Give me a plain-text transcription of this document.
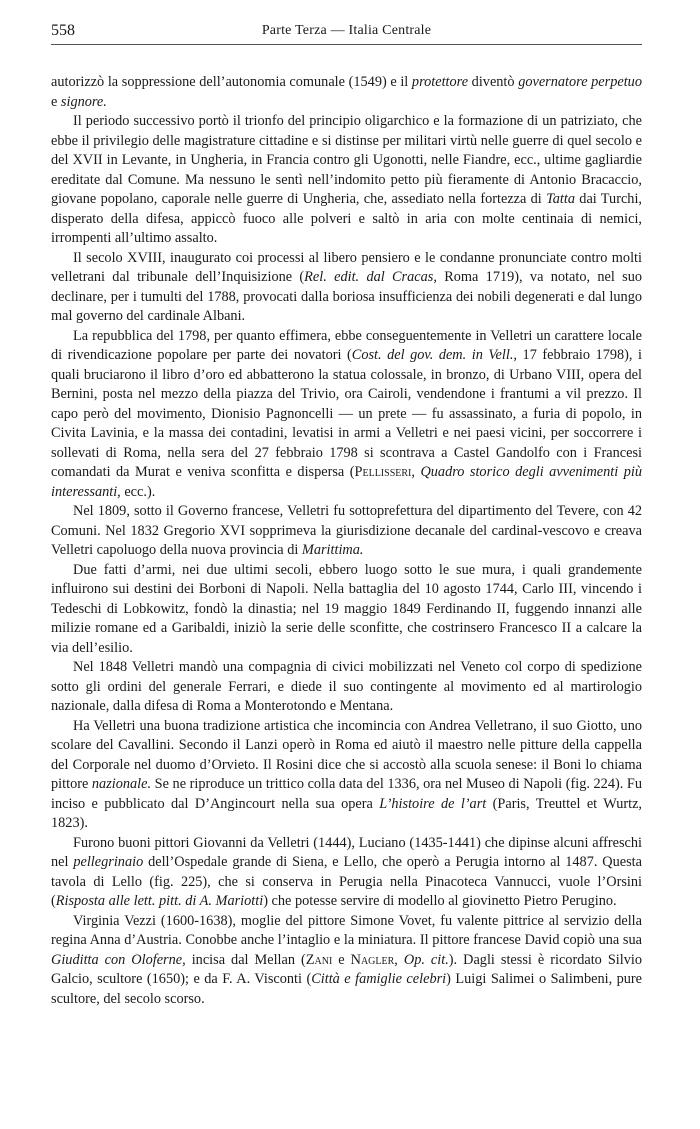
558	Parte Terza — Italia Centrale

autorizzò la soppressione dell’autonomia comunale (1549) e il protettore diventò governatore perpetuo e signore.

Il periodo successivo portò il trionfo del principio oligarchico e la formazione di un patriziato, che ebbe il privilegio delle magistrature cittadine e si distinse per militari virtù nelle guerre di quel secolo e del XVII in Levante, in Ungheria, in Francia contro gli Ugonotti, nelle Fiandre, ecc., ultime gagliardie ereditate dal Comune. Ma nessuno le sentì nell’indomito petto più fieramente di Antonio Bracaccio, giovane popolano, caporale nelle guerre di Ungheria, che, assediato nella fortezza di Tatta dai Turchi, disperato della difesa, appiccò fuoco alle polveri e saltò in aria con molte centinaia di nemici, irrompenti all’ultimo assalto.

Il secolo XVIII, inaugurato coi processi al libero pensiero e le condanne pronunciate contro molti velletrani dal tribunale dell’Inquisizione (Rel. edit. dal Cracas, Roma 1719), va notato, nel suo declinare, per i tumulti del 1788, provocati dalla boriosa insufficienza dei nobili degenerati e dal lungo mal governo del cardinale Albani.

La repubblica del 1798, per quanto effimera, ebbe conseguentemente in Velletri un carattere locale di rivendicazione popolare per parte dei novatori (Cost. del gov. dem. in Vell., 17 febbraio 1798), i quali bruciarono il libro d’oro ed abbatterono la statua colossale, in bronzo, di Urbano VIII, opera del Bernini, posta nel mezzo della piazza del Trivio, ora Cairoli, vendendone i frantumi a vil prezzo. Il capo però del movimento, Dionisio Pagnoncelli — un prete — fu assassinato, a furia di popolo, in Civita Lavinia, e la massa dei contadini, levatisi in armi a Velletri e nei paesi vicini, per soccorrere i sollevati di Roma, nella sera del 27 febbraio 1798 si scontrava a Castel Gandolfo con i Francesi comandati da Murat e veniva sconfitta e dispersa (Pellisseri, Quadro storico degli avvenimenti più interessanti, ecc.).

Nel 1809, sotto il Governo francese, Velletri fu sottoprefettura del dipartimento del Tevere, con 42 Comuni. Nel 1832 Gregorio XVI sopprimeva la giurisdizione decanale del cardinal-vescovo e creava Velletri capoluogo della nuova provincia di Marittima.

Due fatti d’armi, nei due ultimi secoli, ebbero luogo sotto le sue mura, i quali grandemente influirono sui destini dei Borboni di Napoli. Nella battaglia del 10 agosto 1744, Carlo III, vincendo i Tedeschi di Lobkowitz, fondò la dinastia; nel 19 maggio 1849 Ferdinando II, fuggendo innanzi alle milizie romane ed a Garibaldi, iniziò la serie delle sconfitte, che costrinsero Francesco II a calcare la via dell’esilio.

Nel 1848 Velletri mandò una compagnia di civici mobilizzati nel Veneto col corpo di spedizione sotto gli ordini del generale Ferrari, e diede il suo contingente al movimento ed al martirologio nazionale, dalla difesa di Roma a Monterotondo e Mentana.

Ha Velletri una buona tradizione artistica che incomincia con Andrea Velletrano, il suo Giotto, uno scolare del Cavallini. Secondo il Lanzi operò in Roma ed aiutò il maestro nelle pitture della cappella del Corporale nel duomo d’Orvieto. Il Rosini dice che si accostò alla scuola senese: il Boni lo chiama pittore nazionale. Se ne riproduce un trittico colla data del 1336, ora nel Museo di Napoli (fig. 224). Fu inciso e pubblicato dal D’Angincourt nella sua opera L’histoire de l’art (Paris, Treuttel et Wurtz, 1823).

Furono buoni pittori Giovanni da Velletri (1444), Luciano (1435-1441) che dipinse alcuni affreschi nel pellegrinaio dell’Ospedale grande di Siena, e Lello, che operò a Perugia intorno al 1487. Questa tavola di Lello (fig. 225), che si conserva in Perugia nella Pinacoteca Vannucci, vuole l’Orsini (Risposta alle lett. pitt. di A. Mariotti) che potesse servire di modello al giovinetto Pietro Perugino.

Virginia Vezzi (1600-1638), moglie del pittore Simone Vovet, fu valente pittrice al servizio della regina Anna d’Austria. Conobbe anche l’intaglio e la miniatura. Il pittore francese David copiò una sua Giuditta con Oloferne, incisa dal Mellan (Zani e Nagler, Op. cit.). Dagli stessi è ricordato Silvio Galcio, scultore (1650); e da F. A. Visconti (Città e famiglie celebri) Luigi Salimei o Salimbeni, pure scultore, del secolo scorso.
